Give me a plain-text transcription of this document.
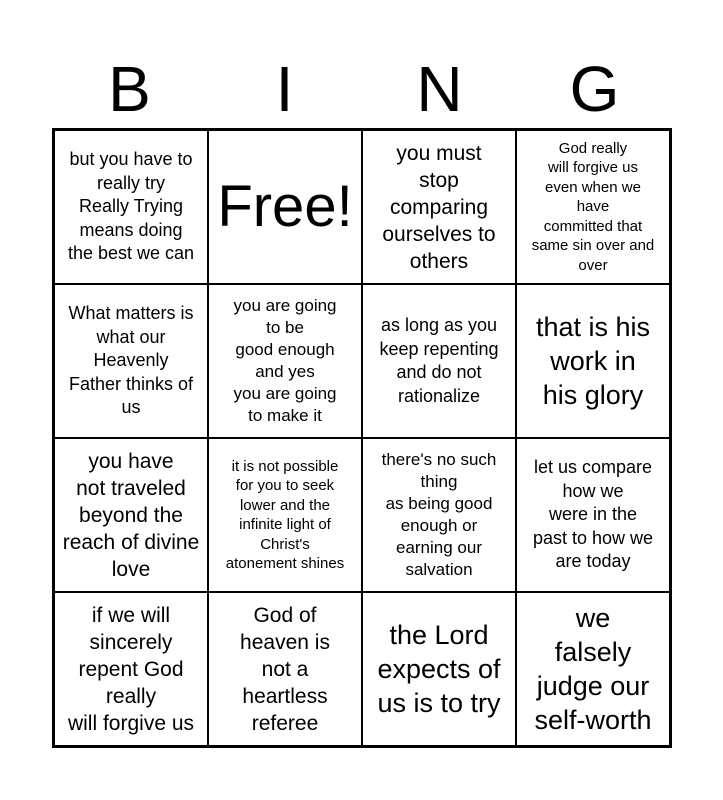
B	I	N	G
but you have to
really try
Really Trying
means doing
the best we can
Free!
you must
stop
comparing
ourselves to
others
God really
will forgive us
even when we
have
committed that
same sin over and
over
What matters is
what our
Heavenly
Father thinks of
us
you are going
to be
good enough
and yes
you are going
to make it
as long as you
keep repenting
and do not
rationalize
that is his
work in
his glory
you have
not traveled
beyond the
reach of divine
love
it is not possible
for you to seek
lower and the
infinite light of
Christ's
atonement shines
there's no such
thing
as being good
enough or
earning our
salvation
let us compare
how we
were in the
past to how we
are today
if we will
sincerely
repent God
really
will forgive us
God of
heaven is
not a
heartless
referee
the Lord
expects of
us is to try
we
falsely
judge our
self-worth
